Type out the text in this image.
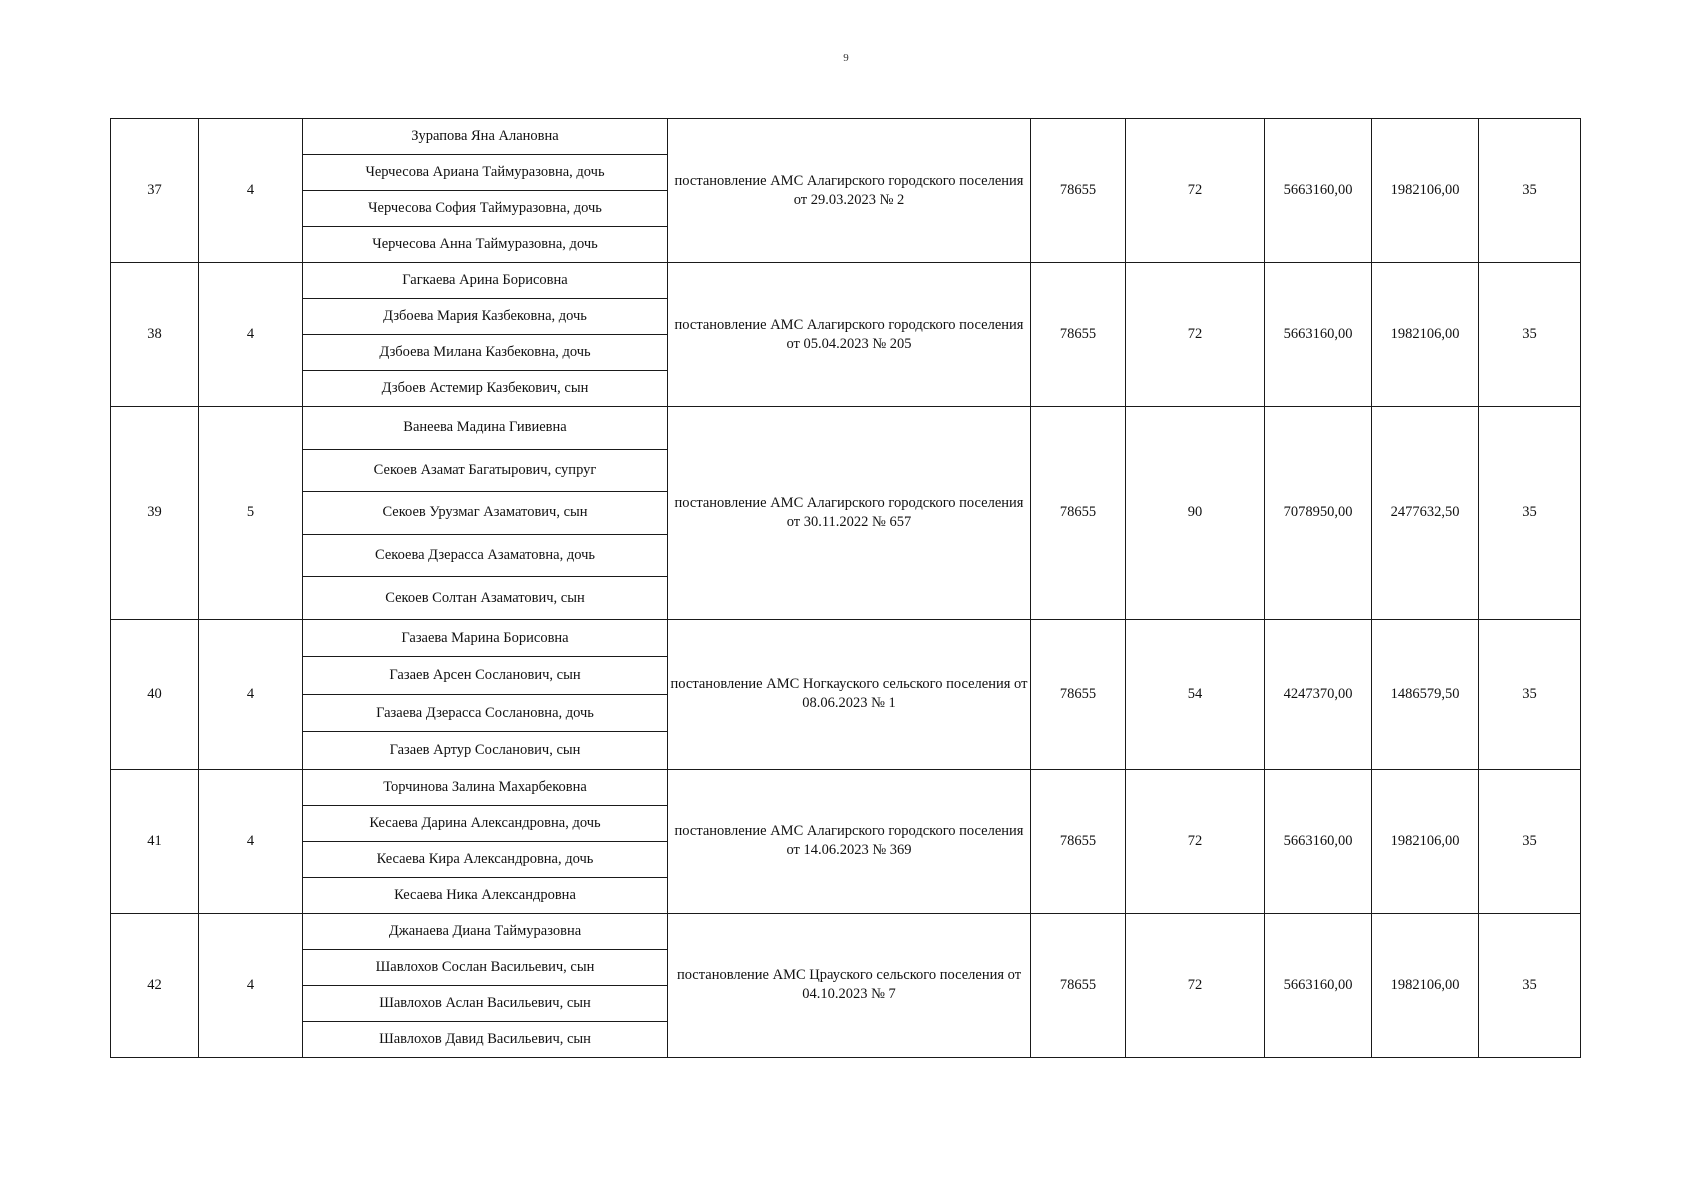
9
37	4	Зурапова Яна Алановна	постановление АМС Алагирского городского поселения от 29.03.2023 № 2	78655	72	5663160,00	1982106,00	35
		Черчесова Ариана Таймуразовна, дочь						
		Черчесова София Таймуразовна, дочь						
		Черчесова Анна Таймуразовна, дочь						
38	4	Гагкаева Арина Борисовна	постановление АМС Алагирского городского поселения от 05.04.2023 № 205	78655	72	5663160,00	1982106,00	35
		Дзбоева Мария Казбековна, дочь						
		Дзбоева Милана Казбековна, дочь						
		Дзбоев Астемир Казбекович, сын						
39	5	Ванеева Мадина Гивиевна	постановление АМС Алагирского городского поселения от 30.11.2022 № 657	78655	90	7078950,00	2477632,50	35
		Секоев Азамат Багатырович, супруг						
		Секоев Урузмаг Азаматович, сын						
		Секоева Дзерасса Азаматовна, дочь						
		Секоев Солтан Азаматович, сын						
40	4	Газаева Марина Борисовна	постановление АМС Ногкауского сельского поселения от 08.06.2023 № 1	78655	54	4247370,00	1486579,50	35
		Газаев Арсен Сосланович, сын						
		Газаева Дзерасса Сослановна, дочь						
		Газаев Артур Сосланович, сын						
41	4	Торчинова Залина Махарбековна	постановление АМС Алагирского городского поселения от 14.06.2023 № 369	78655	72	5663160,00	1982106,00	35
		Кесаева Дарина Александровна, дочь						
		Кесаева Кира Александровна, дочь						
		Кесаева Ника Александровна						
42	4	Джанаева Диана Таймуразовна	постановление АМС Црауского сельского поселения от 04.10.2023 № 7	78655	72	5663160,00	1982106,00	35
		Шавлохов Сослан Васильевич, сын						
		Шавлохов Аслан Васильевич, сын						
		Шавлохов Давид Васильевич, сын						
